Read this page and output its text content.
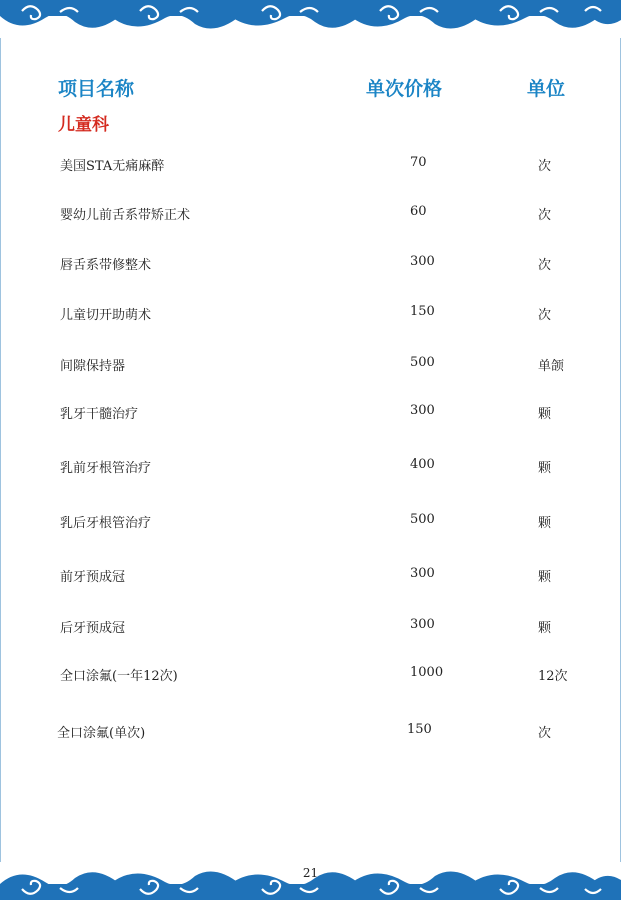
项目名称	单次价格	单位
儿童科
美国STA无痛麻醉	70	次
婴幼儿前舌系带矫正术	60	次
唇舌系带修整术	300	次
儿童切开助萌术	150	次
间隙保持器	500	单颌
乳牙干髓治疗	300	颗
乳前牙根管治疗	400	颗
乳后牙根管治疗	500	颗
前牙预成冠	300	颗
后牙预成冠	300	颗
全口涂氟(一年12次)	1000	12次
全口涂氟(单次)	150	次
21
